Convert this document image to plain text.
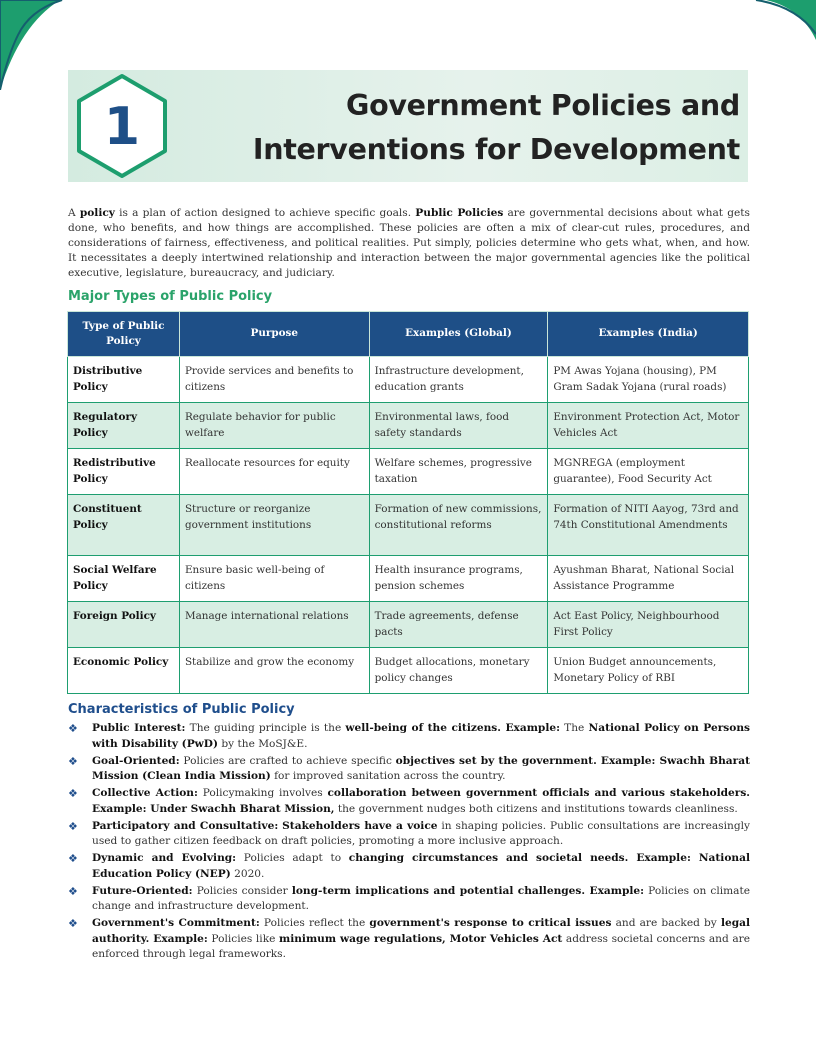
1	Government Policies and
Interventions for Development

A policy is a plan of action designed to achieve specific goals. Public Policies are governmental decisions about what gets done, who benefits, and how things are accomplished. These policies are often a mix of clear-cut rules, procedures, and considerations of fairness, effectiveness, and political realities. Put simply, policies determine who gets what, when, and how. It necessitates a deeply intertwined relationship and interaction between the major governmental agencies like the political executive, legislature, bureaucracy, and judiciary.

Major Types of Public Policy
Type of Public Policy	Purpose	Examples (Global)	Examples (India)
Distributive Policy	Provide services and benefits to citizens	Infrastructure development, education grants	PM Awas Yojana (housing), PM Gram Sadak Yojana (rural roads)
Regulatory Policy	Regulate behavior for public welfare	Environmental laws, food safety standards	Environment Protection Act, Motor Vehicles Act
Redistributive Policy	Reallocate resources for equity	Welfare schemes, progressive taxation	MGNREGA (employment guarantee), Food Security Act
Constituent Policy	Structure or reorganize government institutions	Formation of new commissions, constitutional reforms	Formation of NITI Aayog, 73rd and 74th Constitutional Amendments
Social Welfare Policy	Ensure basic well-being of citizens	Health insurance programs, pension schemes	Ayushman Bharat, National Social Assistance Programme
Foreign Policy	Manage international relations	Trade agreements, defense pacts	Act East Policy, Neighbourhood First Policy
Economic Policy	Stabilize and grow the economy	Budget allocations, monetary policy changes	Union Budget announcements, Monetary Policy of RBI
Characteristics of Public Policy
❖ Public Interest: The guiding principle is the well-being of the citizens. Example: The National Policy on Persons with Disability (PwD) by the MoSJ&E.
❖ Goal-Oriented: Policies are crafted to achieve specific objectives set by the government. Example: Swachh Bharat Mission (Clean India Mission) for improved sanitation across the country.
❖ Collective Action: Policymaking involves collaboration between government officials and various stakeholders. Example: Under Swachh Bharat Mission, the government nudges both citizens and institutions towards cleanliness.
❖ Participatory and Consultative: Stakeholders have a voice in shaping policies. Public consultations are increasingly used to gather citizen feedback on draft policies, promoting a more inclusive approach.
❖ Dynamic and Evolving: Policies adapt to changing circumstances and societal needs. Example: National Education Policy (NEP) 2020.
❖ Future-Oriented: Policies consider long-term implications and potential challenges. Example: Policies on climate change and infrastructure development.
❖ Government's Commitment: Policies reflect the government's response to critical issues and are backed by legal authority. Example: Policies like minimum wage regulations, Motor Vehicles Act address societal concerns and are enforced through legal frameworks.
